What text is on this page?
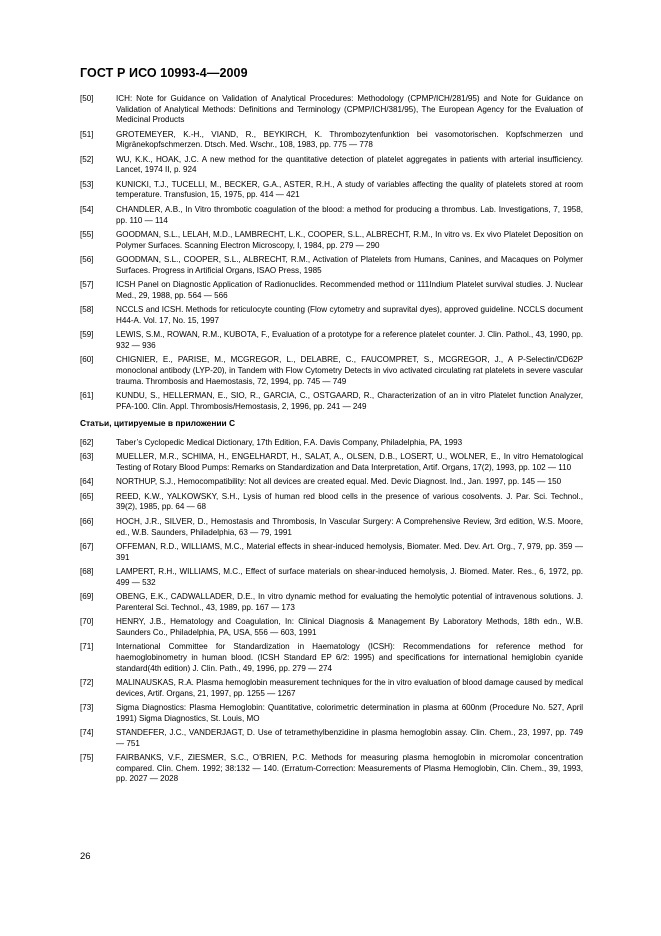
ГОСТ Р ИСО 10993-4—2009
[50]	ICH: Note for Guidance on Validation of Analytical Procedures: Methodology (CPMP/ICH/281/95) and Note for Guidance on Validation of Analytical Methods: Definitions and Terminology (CPMP/ICH/381/95), The European Agency for the Evaluation of Medicinal Products
[51]	GROTEMEYER, K.-H., VIAND, R., BEYKIRCH, K. Thrombozytenfunktion bei vasomotorischen. Kopfschmerzen und Migränekopfschmerzen. Dtsch. Med. Wschr., 108, 1983, pp. 775 — 778
[52]	WU, K.K., HOAK, J.C. A new method for the quantitative detection of platelet aggregates in patients with arterial insufficiency. Lancet, 1974 II, p. 924
[53]	KUNICKI, T.J., TUCELLI, M., BECKER, G.A., ASTER, R.H., A study of variables affecting the quality of platelets stored at room temperature. Transfusion, 15, 1975, pp. 414 — 421
[54]	CHANDLER, A.B., In Vitro thrombotic coagulation of the blood: a method for producing a thrombus. Lab. Investigations, 7, 1958, pp. 110 — 114
[55]	GOODMAN, S.L., LELAH, M.D., LAMBRECHT, L.K., COOPER, S.L., ALBRECHT, R.M., In vitro vs. Ex vivo Platelet Deposition on Polymer Surfaces. Scanning Electron Microscopy, I, 1984, pp. 279 — 290
[56]	GOODMAN, S.L., COOPER, S.L., ALBRECHT, R.M., Activation of Platelets from Humans, Canines, and Macaques on Polymer Surfaces. Progress in Artificial Organs, ISAO Press, 1985
[57]	ICSH Panel on Diagnostic Application of Radionuclides. Recommended method or 111Indium Platelet survival studies. J. Nuclear Med., 29, 1988, pp. 564 — 566
[58]	NCCLS and ICSH. Methods for reticulocyte counting (Flow cytometry and supravital dyes), approved guideline. NCCLS document H44-A. Vol. 17, No. 15, 1997
[59]	LEWIS, S.M., ROWAN, R.M., KUBOTA, F., Evaluation of a prototype for a reference platelet counter. J. Clin. Pathol., 43, 1990, pp. 932 — 936
[60]	CHIGNIER, E., PARISE, M., MCGREGOR, L., DELABRE, C., FAUCOMPRET, S., MCGREGOR, J., A P-Selectin/CD62P monoclonal antibody (LYP-20), in Tandem with Flow Cytometry Detects in vivo activated circulating rat platelets in severe vascular trauma. Thrombosis and Haemostasis, 72, 1994, pp. 745 — 749
[61]	KUNDU, S., HELLERMAN, E., SIO, R., GARCIA, C., OSTGAARD, R., Characterization of an in vitro Platelet function Analyzer, PFA-100. Clin. Appl. Thrombosis/Hemostasis, 2, 1996, pp. 241 — 249
Статьи, цитируемые в приложении С
[62]	Taber’s Cyclopedic Medical Dictionary, 17th Edition, F.A. Davis Company, Philadelphia, PA, 1993
[63]	MUELLER, M.R., SCHIMA, H., ENGELHARDT, H., SALAT, A., OLSEN, D.B., LOSERT, U., WOLNER, E., In vitro Hematological Testing of Rotary Blood Pumps: Remarks on Standardization and Data Interpretation, Artif. Organs, 17(2), 1993, pp. 102 — 110
[64]	NORTHUP, S.J., Hemocompatibility: Not all devices are created equal. Med. Devic Diagnost. Ind., Jan. 1997, pp. 145 — 150
[65]	REED, K.W., YALKOWSKY, S.H., Lysis of human red blood cells in the presence of various cosolvents. J. Par. Sci. Technol., 39(2), 1985, pp. 64 — 68
[66]	HOCH, J.R., SILVER, D., Hemostasis and Thrombosis, In Vascular Surgery: A Comprehensive Review, 3rd edition, W.S. Moore, ed., W.B. Saunders, Philadelphia, 63 — 79, 1991
[67]	OFFEMAN, R.D., WILLIAMS, M.C., Material effects in shear-induced hemolysis, Biomater. Med. Dev. Art. Org., 7, 979, pp. 359 — 391
[68]	LAMPERT, R.H., WILLIAMS, M.C., Effect of surface materials on shear-induced hemolysis, J. Biomed. Mater. Res., 6, 1972, pp. 499 — 532
[69]	OBENG, E.K., CADWALLADER, D.E., In vitro dynamic method for evaluating the hemolytic potential of intravenous solutions. J. Parenteral Sci. Technol., 43, 1989, pp. 167 — 173
[70]	HENRY, J.B., Hematology and Coagulation, In: Clinical Diagnosis & Management By Laboratory Methods, 18th edn., W.B. Saunders Co., Philadelphia, PA, USA, 556 — 603, 1991
[71]	International Committee for Standardization in Haematology (ICSH): Recommendations for reference method for haemoglobinometry in human blood. (ICSH Standard EP 6/2: 1995) and specifications for international hemiglobin cyanide standard(4th edition) J. Clin. Path., 49, 1996, pp. 279 — 274
[72]	MALINAUSKAS, R.A. Plasma hemoglobin measurement techniques for the in vitro evaluation of blood damage caused by medical devices, Artif. Organs, 21, 1997, pp. 1255 — 1267
[73]	Sigma Diagnostics: Plasma Hemoglobin: Quantitative, colorimetric determination in plasma at 600nm (Procedure No. 527, April 1991) Sigma Diagnostics, St. Louis, MO
[74]	STANDEFER, J.C., VANDERJAGT, D. Use of tetramethylbenzidine in plasma hemoglobin assay. Clin. Chem., 23, 1997, pp. 749 — 751
[75]	FAIRBANKS, V.F., ZIESMER, S.C., O’BRIEN, P.C. Methods for measuring plasma hemoglobin in micromolar concentration compared. Clin. Chem. 1992; 38:132 — 140. (Erratum-Correction: Measurements of Plasma Hemoglobin, Clin. Chem., 39, 1993, pp. 2027 — 2028
26
